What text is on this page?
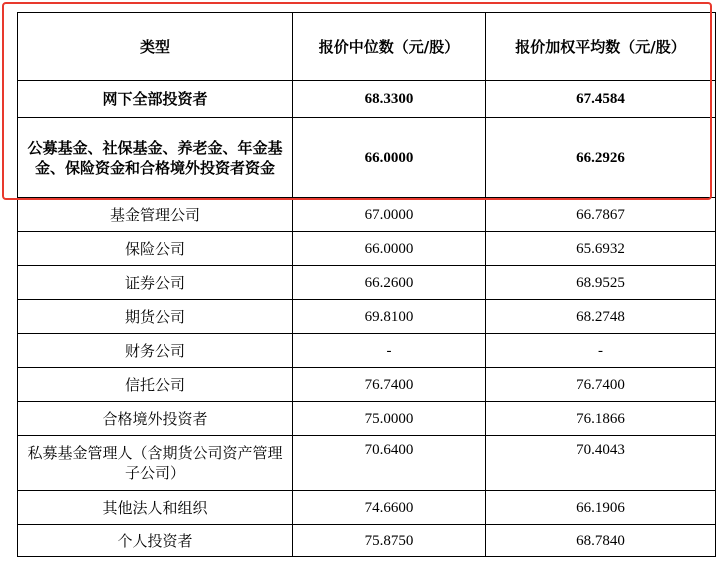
类型	报价中位数（元/股）	报价加权平均数（元/股）
网下全部投资者	68.3300	67.4584
公募基金、社保基金、养老金、年金基金、保险资金和合格境外投资者资金	66.0000	66.2926
基金管理公司	67.0000	66.7867
保险公司	66.0000	65.6932
证券公司	66.2600	68.9525
期货公司	69.8100	68.2748
财务公司	-	-
信托公司	76.7400	76.7400
合格境外投资者	75.0000	76.1866
私募基金管理人（含期货公司资产管理子公司）	70.6400	70.4043
其他法人和组织	74.6600	66.1906
个人投资者	75.8750	68.7840
